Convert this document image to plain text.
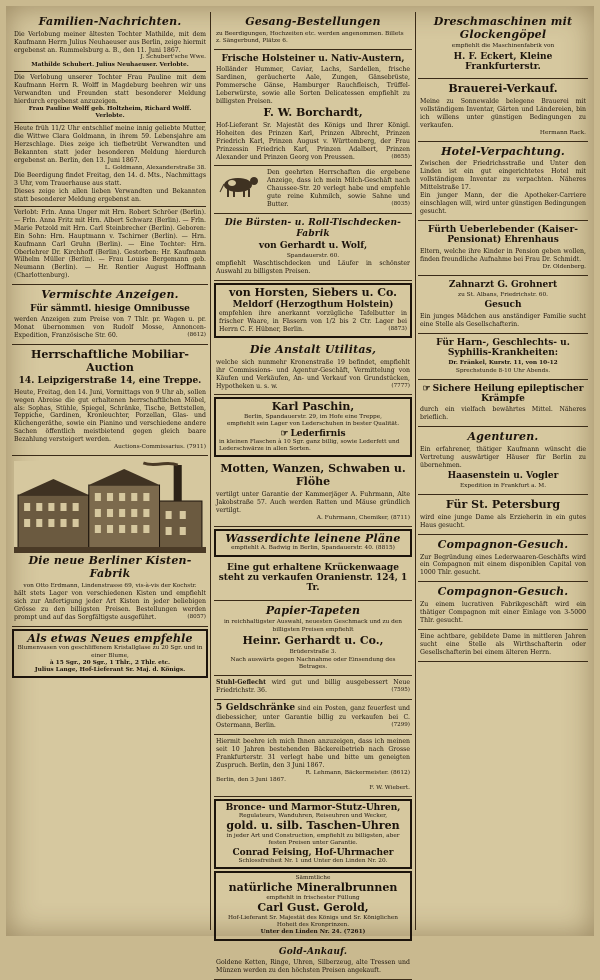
Familien-Nachrichten.

Die Verlobung meiner ältesten Tochter Mathilde, mit dem Kaufmann Herrn Julius Neuhaeuser aus Berlin, zeige hiermit ergebenst an. Rummelsburg a. B., den 11. Juni 1867.

J. Schubert'sche Wwe.

Mathilde Schubert. Julius Neuhaeuser. Verlobte.

Die Verlobung unserer Tochter Frau Pauline mit dem Kaufmann Herrn R. Wolff in Magdeburg beehren wir uns Verwandten und Freunden statt besonderer Meldung hierdurch ergebenst anzuzeigen.

Frau Pauline Wolff geb. Holtzheim, Richard Wolff. Verlobte.

Heute früh 11/2 Uhr entschlief meine innig geliebte Mutter, die Wittwe Clara Goldmann, in ihrem 59. Lebensjahre am Herzschlage. Dies zeige ich tiefbetrübt Verwandten und Bekannten statt jeder besonderen Meldung hierdurch ergebenst an. Berlin, den 13. Juni 1867.

L. Goldmann, Alexanderstraße 38.

Die Beerdigung findet Freitag, den 14. d. Mts., Nachmittags 3 Uhr, vom Trauerhause aus statt.

Dieses zeige ich allen lieben Verwandten und Bekannten statt besonderer Meldung ergebenst an.

Verlobt: Frln. Anna Unger mit Hrn. Robert Schröer (Berlin). — Frln. Anna Fritz mit Hrn. Albert Schwarz (Berlin). — Frln. Marie Petzold mit Hrn. Carl Steinbrecher (Berlin). Geboren: Ein Sohn: Hrn. Hauptmann v. Tschirner (Berlin). — Hrn. Kaufmann Carl Gruhn (Berlin). — Eine Tochter: Hrn. Oberlehrer Dr. Kirchhoff (Berlin). Gestorben: Hr. Kaufmann Wilhelm Müller (Berlin). — Frau Louise Bergemann geb. Neumann (Berlin). — Hr. Rentier August Hoffmann (Charlottenburg).

Vermischte Anzeigen.
Für sämmtl. hiesige Omnibusse

werden Anzeigen zum Preise von 7 Thlr. pr. Wagen u. pr. Monat übernommen von Rudolf Mosse, Annoncen-Expedition, Französische Str. 60.	(8612)

Herrschaftliche Mobiliar-Auction
14. Leipzigerstraße 14, eine Treppe.

Heute, Freitag, den 14. Juni, Vormittags von 9 Uhr ab, sollen wegen Abreise die gut erhaltenen herrschaftlichen Möbel, als: Sophas, Stühle, Spiegel, Schränke, Tische, Bettstellen, Teppiche, Gardinen, Kronleuchter, Porzellan, Glas- und Küchengeräthe, sowie ein Pianino und verschiedene andere Sachen öffentlich meistbietend gegen gleich baare Bezahlung versteigert werden.

Auctions-Commissarius. (7911)

Die neue Berliner Kisten-Fabrik

von Otto Erdmann, Lindenstrasse 69, vis-à-vis der Kochstr.

hält stets Lager von verschiedenen Kisten und empfiehlt sich zur Anfertigung jeder Art Kisten in jeder beliebigen Grösse zu den billigsten Preisen. Bestellungen werden prompt und auf das Sorgfältigste ausgeführt.	(8057)

Als etwas Neues empfehle

Blumenvasen von geschliffenem Kristallglase zu 20 Sgr. und in einer Blume,

à 15 Sgr., 20 Sgr., 1 Thlr., 2 Thlr. etc.

Julius Lange, Hof-Lieferant Sr. Maj. d. Königs.

Gesang-Bestellungen

zu Beerdigungen, Hochzeiten etc. werden angenommen. Billets z. Sängerbund, Plätze 6.

Frische Holsteiner u. Nativ-Austern,

Holländer Hummer, Caviar, Lachs, Sardellen, frische Sardinen, geräucherte Aale, Zungen, Gänsebrüste, Pommersche Gänse, Hamburger Rauchfleisch, Trüffel-Leberwürste, sowie alle Sorten Delicatessen empfiehlt zu billigsten Preisen.

F. W. Borchardt,

Hof-Lieferant Sr. Majestät des Königs und Ihrer Königl. Hoheiten des Prinzen Karl, Prinzen Albrecht, Prinzen Friedrich Karl, Prinzen August v. Württemberg, der Frau Prinzessin Friedrich Karl, Prinzen Adalbert, Prinzen Alexander und Prinzen Georg von Preussen.	(8655)

Den geehrten Herrschaften die ergebene Anzeige, dass ich mein Milch-Geschäft nach Chaussee-Str. 20 verlegt habe und empfehle gute reine Kuhmilch, sowie Sahne und Butter.	(8035)

Die Bürsten- u. Roll-Tischdecken-Fabrik
von Gerhardt u. Wolf,

Spandauerstr. 60.

empfiehlt Waschtischdecken und Läufer in schönster Auswahl zu billigsten Preisen.

von Horsten, Siebers u. Co.
Meldorf (Herzogthum Holstein)

empfehlen ihre anerkannt vorzügliche Tafelbutter in frischer Waare, in Fässern von 1/2 bis 2 Ctr. Lager bei Herrn C. F. Hübner, Berlin.	(8873)

Die Anstalt Utilitas,

welche sich nunmehr Kronenstraße 19 befindet, empfiehlt ihr Commissions- und Agentur-Geschäft, Vermittelung von Käufen und Verkäufen, An- und Verkauf von Grundstücken, Hypotheken u. s. w.	(7777)

Karl Paschin,

Berlin, Spandauerstr. 29, im Hofe eine Treppe,

empfiehlt sein Lager von Lederschuhen in bester Qualität.

☞ Lederfirnis

in kleinen Flaschen à 10 Sgr. ganz billig, sowie Lederfett und Lederschwärze in allen Sorten.

Motten, Wanzen, Schwaben u. Flöhe

vertilgt unter Garantie der Kammerjäger A. Fuhrmann, Alte Jakobstraße 57. Auch werden Ratten und Mäuse gründlich vertilgt.

A. Fuhrmann, Chemiker, (8711)

Wasserdichte leinene Pläne

empfiehlt A. Badwig in Berlin, Spandauerstr. 40. (8815)

Eine gut erhaltene Krückenwaage steht zu verkaufen Oranienstr. 124, 1 Tr.
Papier-Tapeten

in reichhaltigster Auswahl, neuesten Geschmack und zu den billigsten Preisen empfiehlt

Heinr. Gerhardt u. Co.,

Brüderstraße 3.

Nach auswärts gegen Nachnahme oder Einsendung des Betrages.

Stuhl-Geflecht wird gut und billig ausgebessert Neue Friedrichstr. 36.	(7595)

5 Geldschränke sind ein Posten, ganz feuerfest und diebessicher, unter Garantie billig zu verkaufen bei C. Ostermann, Berlin.	(7299)

Hiermit beehre ich mich Ihnen anzuzeigen, dass ich meinen seit 10 Jahren bestehenden Bäckereibetrieb nach Grosse Frankfurterstr. 31 verlegt habe und bitte um geneigten Zuspruch. Berlin, den 3 Juni 1867.

R. Lehmann, Bäckermeister. (8612)

Berlin, den 3 Juni 1867.

F. W. Wiebert.

Bronce- und Marmor-Stutz-Uhren,

Regulateurs, Wanduhren, Reiseuhren und Wecker,

gold. u. silb. Taschen-Uhren

in jeder Art und Construction, empfiehlt zu billigsten, aber festen Preisen unter Garantie.

Conrad Feising, Hof-Uhrmacher

Schlossfreiheit Nr. 1 und Unter den Linden Nr. 20.

Sämmtliche

natürliche Mineralbrunnen

empfiehlt in frischester Füllung

Carl Gust. Gerold,

Hof-Lieferant Sr. Majestät des Königs und Sr. Königlichen Hoheit des Kronprinzen.

Unter den Linden Nr. 24. (7261)

Gold-Ankauf.

Goldene Ketten, Ringe, Uhren, Silberzeug, alte Tressen und Münzen werden zu den höchsten Preisen angekauft.

Dreschmaschinen mit Glockengöpel

empfiehlt die Maschinenfabrik von

H. F. Eckert, Kleine Frankfurterstr.
Brauerei-Verkauf.

Meine zu Sonnewalde belegene Brauerei mit vollständigem Inventar, Gärten und Ländereien, bin ich willens unter günstigen Bedingungen zu verkaufen.

Hermann Rack.

Hotel-Verpachtung.

Zwischen der Friedrichsstraße und Unter den Linden ist ein gut eingerichtetes Hotel mit vollständigem Inventar zu verpachten. Näheres Mittelstraße 17.

Ein junger Mann, der die Apotheker-Carriere einschlagen will, wird unter günstigen Bedingungen gesucht.

Fürth Ueberlebender (Kaiser-Pensionat) Ehrenhaus

Eltern, welche ihre Kinder in Pension geben wollen, finden freundliche Aufnahme bei Frau Dr. Schmidt.

Dr. Oldenberg.

Zahnarzt G. Grohnert

zu St. Albans, Friedrichstr. 60.

Gesuch

Ein junges Mädchen aus anständiger Familie sucht eine Stelle als Gesellschafterin.

Für Harn-, Geschlechts- u. Syphilis-Krankheiten:

Dr. Fränkel, Kurstr. 11, von 10-12

Sprechstunde 8-10 Uhr Abends.

☞ Sichere Heilung epileptischer Krämpfe

durch ein vielfach bewährtes Mittel. Näheres brieflich.

Agenturen.

Ein erfahrener, thätiger Kaufmann wünscht die Vertretung auswärtiger Häuser für Berlin zu übernehmen.

Haasenstein u. Vogler

Expedition in Frankfurt a. M.

Für St. Petersburg

wird eine junge Dame als Erzieherin in ein gutes Haus gesucht.

Compagnon-Gesuch.

Zur Begründung eines Lederwaaren-Geschäfts wird ein Compagnon mit einem disponiblen Capital von 1000 Thlr. gesucht.

Compagnon-Gesuch.

Zu einem lucrativen Fabrikgeschäft wird ein thätiger Compagnon mit einer Einlage von 3-5000 Thlr. gesucht.

Eine achtbare, gebildete Dame in mittleren Jahren sucht eine Stelle als Wirthschafterin oder Gesellschafterin bei einem älteren Herrn.
